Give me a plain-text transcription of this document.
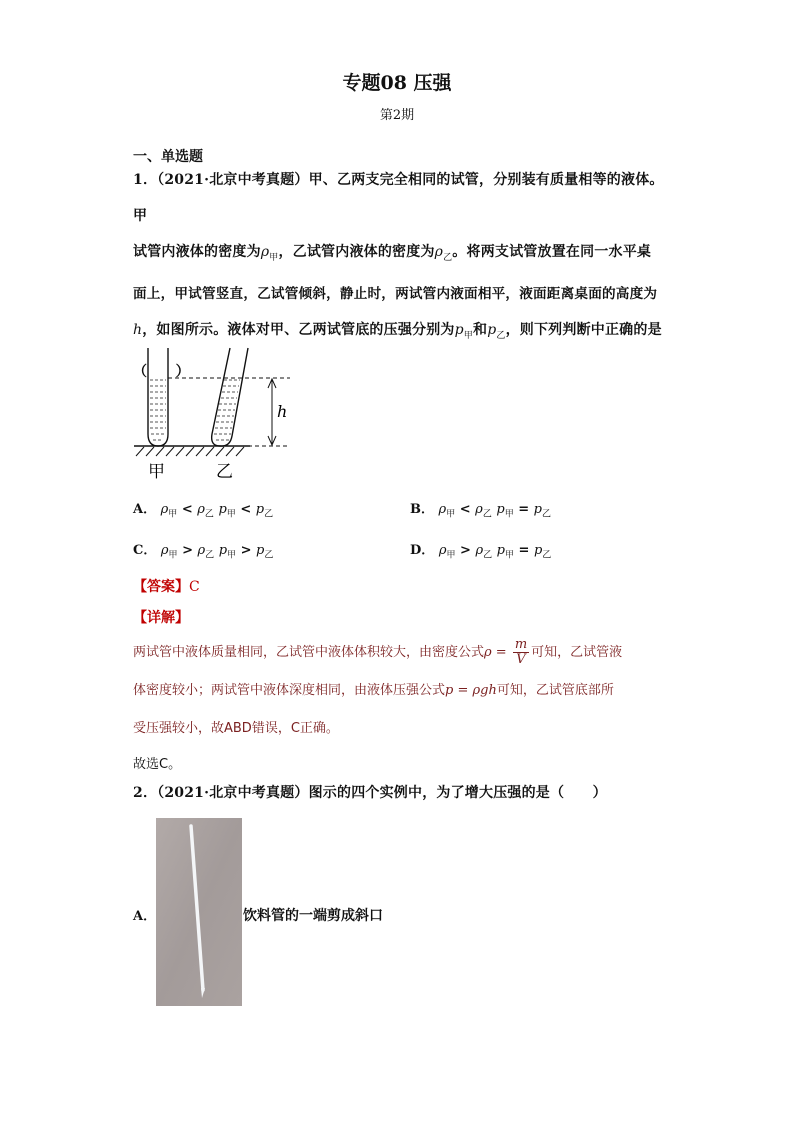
专题08 压强
第2期
一、单选题
1．（2021·北京中考真题）甲、乙两支完全相同的试管，分别装有质量相等的液体。甲
试管内液体的密度为$\rho_甲$，乙试管内液体的密度为$\rho_乙$。将两支试管放置在同一水平桌
面上，甲试管竖直，乙试管倾斜，静止时，两试管内液面相平，液面距离桌面的高度为
h，如图所示。液体对甲、乙两试管底的压强分别为$p_甲$和$p_乙$，则下列判断中正确的是
（　　）
h
甲	乙
A． $\rho_甲 < \rho_乙$ $p_甲 < p_乙$	B． $\rho_甲 < \rho_乙$ $p_甲 = p_乙$
C． $\rho_甲 > \rho_乙$ $p_甲 > p_乙$	D． $\rho_甲 > \rho_乙$ $p_甲 = p_乙$
【答案】C
【详解】
两试管中液体质量相同，乙试管中液体体积较大，由密度公式$\rho = \frac{m}{V}$ 可知，乙试管液
体密度较小；两试管中液体深度相同，由液体压强公式p = ρgh可知，乙试管底部所
受压强较小，故ABD错误，C正确。
故选C。
2．（2021·北京中考真题）图示的四个实例中，为了增大压强的是（　　）
A．	饮料管的一端剪成斜口
